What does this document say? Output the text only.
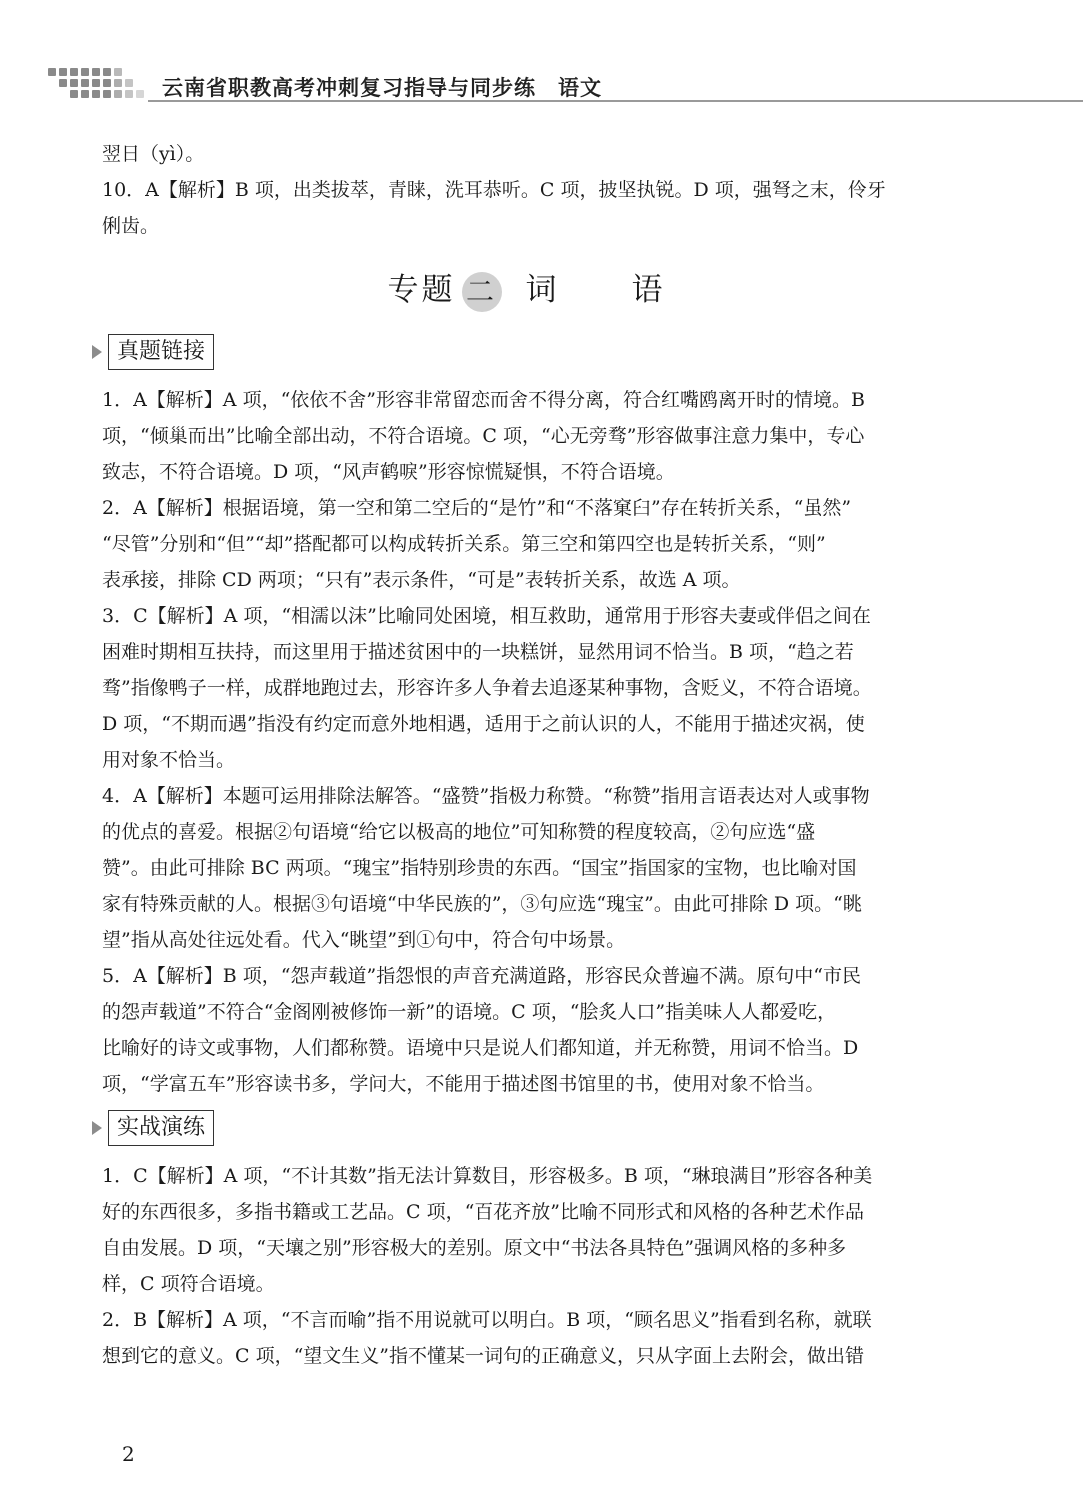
云南省职教高考冲刺复习指导与同步练　语文

翌日（yì）。

10．A【解析】B 项，出类拔萃，青睐，洗耳恭听。C 项，披坚执锐。D 项，强弩之末，伶牙

俐齿。

专题 二 词　语
真题链接

1．A【解析】A 项，“依依不舍”形容非常留恋而舍不得分离，符合红嘴鸥离开时的情境。B

项，“倾巢而出”比喻全部出动，不符合语境。C 项，“心无旁骛”形容做事注意力集中，专心

致志，不符合语境。D 项，“风声鹤唳”形容惊慌疑惧，不符合语境。

2．A【解析】根据语境，第一空和第二空后的“是竹”和“不落窠臼”存在转折关系，“虽然”

“尽管”分别和“但”“却”搭配都可以构成转折关系。第三空和第四空也是转折关系，“则”

表承接，排除 CD 两项；“只有”表示条件，“可是”表转折关系，故选 A 项。

3．C【解析】A 项，“相濡以沫”比喻同处困境，相互救助，通常用于形容夫妻或伴侣之间在

困难时期相互扶持，而这里用于描述贫困中的一块糕饼，显然用词不恰当。B 项，“趋之若

骛”指像鸭子一样，成群地跑过去，形容许多人争着去追逐某种事物，含贬义，不符合语境。

D 项，“不期而遇”指没有约定而意外地相遇，适用于之前认识的人，不能用于描述灾祸，使

用对象不恰当。

4．A【解析】本题可运用排除法解答。“盛赞”指极力称赞。“称赞”指用言语表达对人或事物

的优点的喜爱。根据②句语境“给它以极高的地位”可知称赞的程度较高，②句应选“盛

赞”。由此可排除 BC 两项。“瑰宝”指特别珍贵的东西。“国宝”指国家的宝物，也比喻对国

家有特殊贡献的人。根据③句语境“中华民族的”，③句应选“瑰宝”。由此可排除 D 项。“眺

望”指从高处往远处看。代入“眺望”到①句中，符合句中场景。

5．A【解析】B 项，“怨声载道”指怨恨的声音充满道路，形容民众普遍不满。原句中“市民

的怨声载道”不符合“金阁刚被修饰一新”的语境。C 项，“脍炙人口”指美味人人都爱吃，

比喻好的诗文或事物，人们都称赞。语境中只是说人们都知道，并无称赞，用词不恰当。D

项，“学富五车”形容读书多，学问大，不能用于描述图书馆里的书，使用对象不恰当。

实战演练

1．C【解析】A 项，“不计其数”指无法计算数目，形容极多。B 项，“琳琅满目”形容各种美

好的东西很多，多指书籍或工艺品。C 项，“百花齐放”比喻不同形式和风格的各种艺术作品

自由发展。D 项，“天壤之别”形容极大的差别。原文中“书法各具特色”强调风格的多种多

样，C 项符合语境。

2．B【解析】A 项，“不言而喻”指不用说就可以明白。B 项，“顾名思义”指看到名称，就联

想到它的意义。C 项，“望文生义”指不懂某一词句的正确意义，只从字面上去附会，做出错

2
